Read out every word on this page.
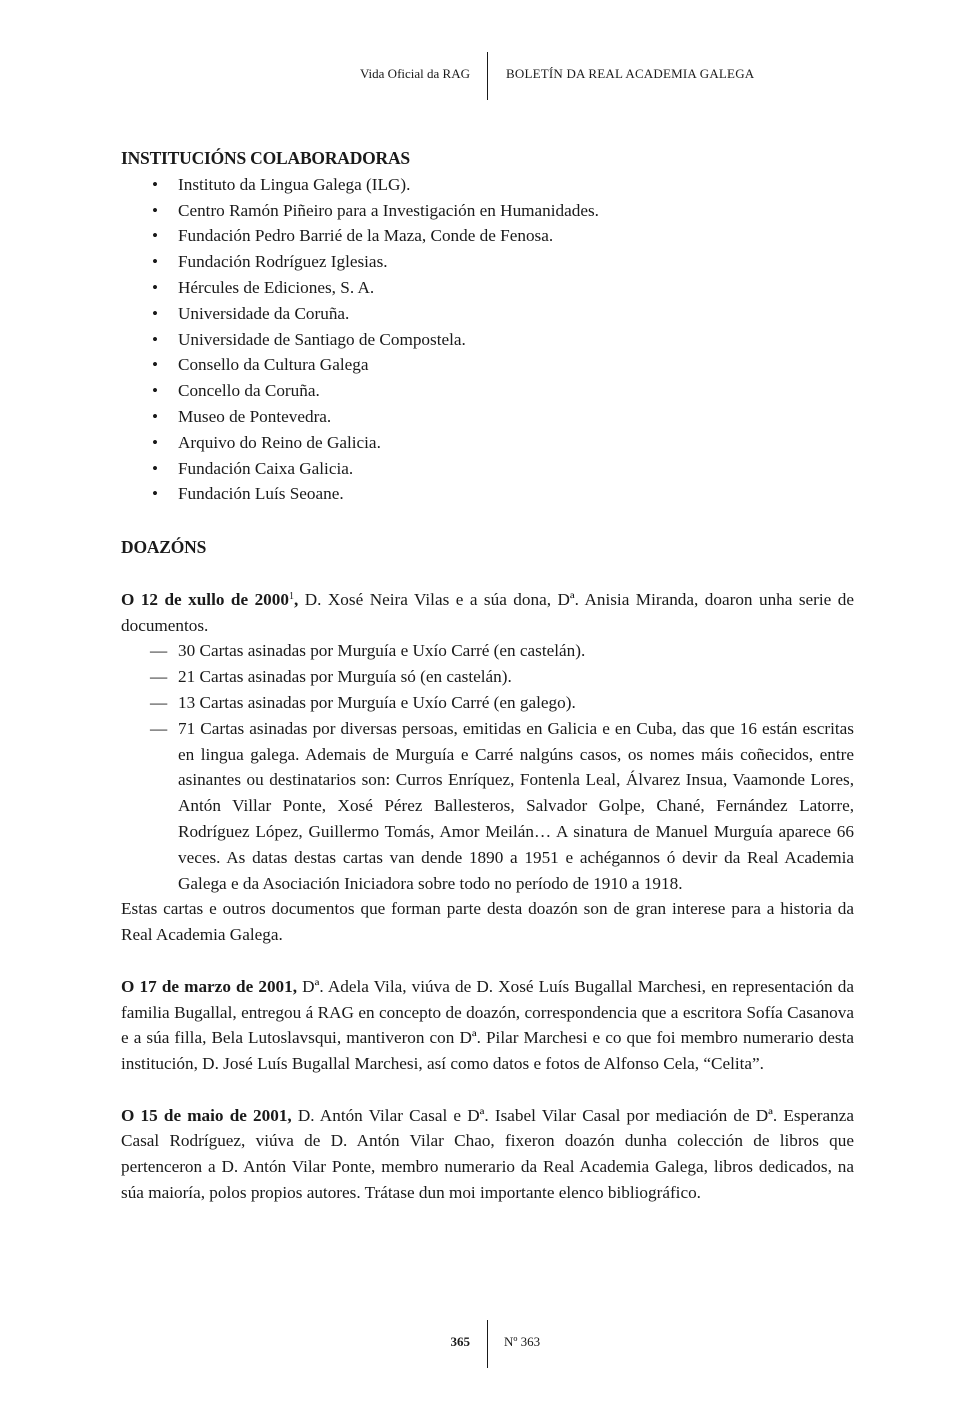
Vida Oficial da RAG	BOLETÍN DA REAL ACADEMIA GALEGA
INSTITUCIÓNS COLABORADORAS
• Instituto da Lingua Galega (ILG).
• Centro Ramón Piñeiro para a Investigación en Humanidades.
• Fundación Pedro Barrié de la Maza, Conde de Fenosa.
• Fundación Rodríguez Iglesias.
• Hércules de Ediciones, S. A.
• Universidade da Coruña.
• Universidade de Santiago de Compostela.
• Consello da Cultura Galega
• Concello da Coruña.
• Museo de Pontevedra.
• Arquivo do Reino de Galicia.
• Fundación Caixa Galicia.
• Fundación Luís Seoane.
DOAZÓNS

O 12 de xullo de 2000$^1$, D. Xosé Neira Vilas e a súa dona, Dª. Anisia Miranda, doaron unha serie de documentos.

— 30 Cartas asinadas por Murguía e Uxío Carré (en castelán).
— 21 Cartas asinadas por Murguía só (en castelán).
— 13 Cartas asinadas por Murguía e Uxío Carré (en galego).
— 71 Cartas asinadas por diversas persoas, emitidas en Galicia e en Cuba, das que 16 están escritas en lingua galega. Ademais de Murguía e Carré nalgúns casos, os nomes máis coñecidos, entre asinantes ou destinatarios son: Curros Enríquez, Fontenla Leal, Álvarez Insua, Vaamonde Lores, Antón Villar Ponte, Xosé Pérez Ballesteros, Salvador Golpe, Chané, Fernández Latorre, Rodríguez López, Guillermo Tomás, Amor Meilán… A sinatura de Manuel Murguía aparece 66 veces. As datas destas cartas van dende 1890 a 1951 e achégannos ó devir da Real Academia Galega e da Asociación Iniciadora sobre todo no período de 1910 a 1918.

Estas cartas e outros documentos que forman parte desta doazón son de gran interese para a historia da Real Academia Galega.

O 17 de marzo de 2001, Dª. Adela Vila, viúva de D. Xosé Luís Bugallal Marchesi, en representación da familia Bugallal, entregou á RAG en concepto de doazón, correspondencia que a escritora Sofía Casanova e a súa filla, Bela Lutoslavsqui, mantiveron con Dª. Pilar Marchesi e co que foi membro numerario desta institución, D. José Luís Bugallal Marchesi, así como datos e fotos de Alfonso Cela, “Celita”.

O 15 de maio de 2001, D. Antón Vilar Casal e Dª. Isabel Vilar Casal por mediación de Dª. Esperanza Casal Rodríguez, viúva de D. Antón Vilar Chao, fixeron doazón dunha colección de libros que pertenceron a D. Antón Vilar Ponte, membro numerario da Real Academia Galega, libros dedicados, na súa maioría, polos propios autores. Trátase dun moi importante elenco bibliográfico.

365	Nº 363
